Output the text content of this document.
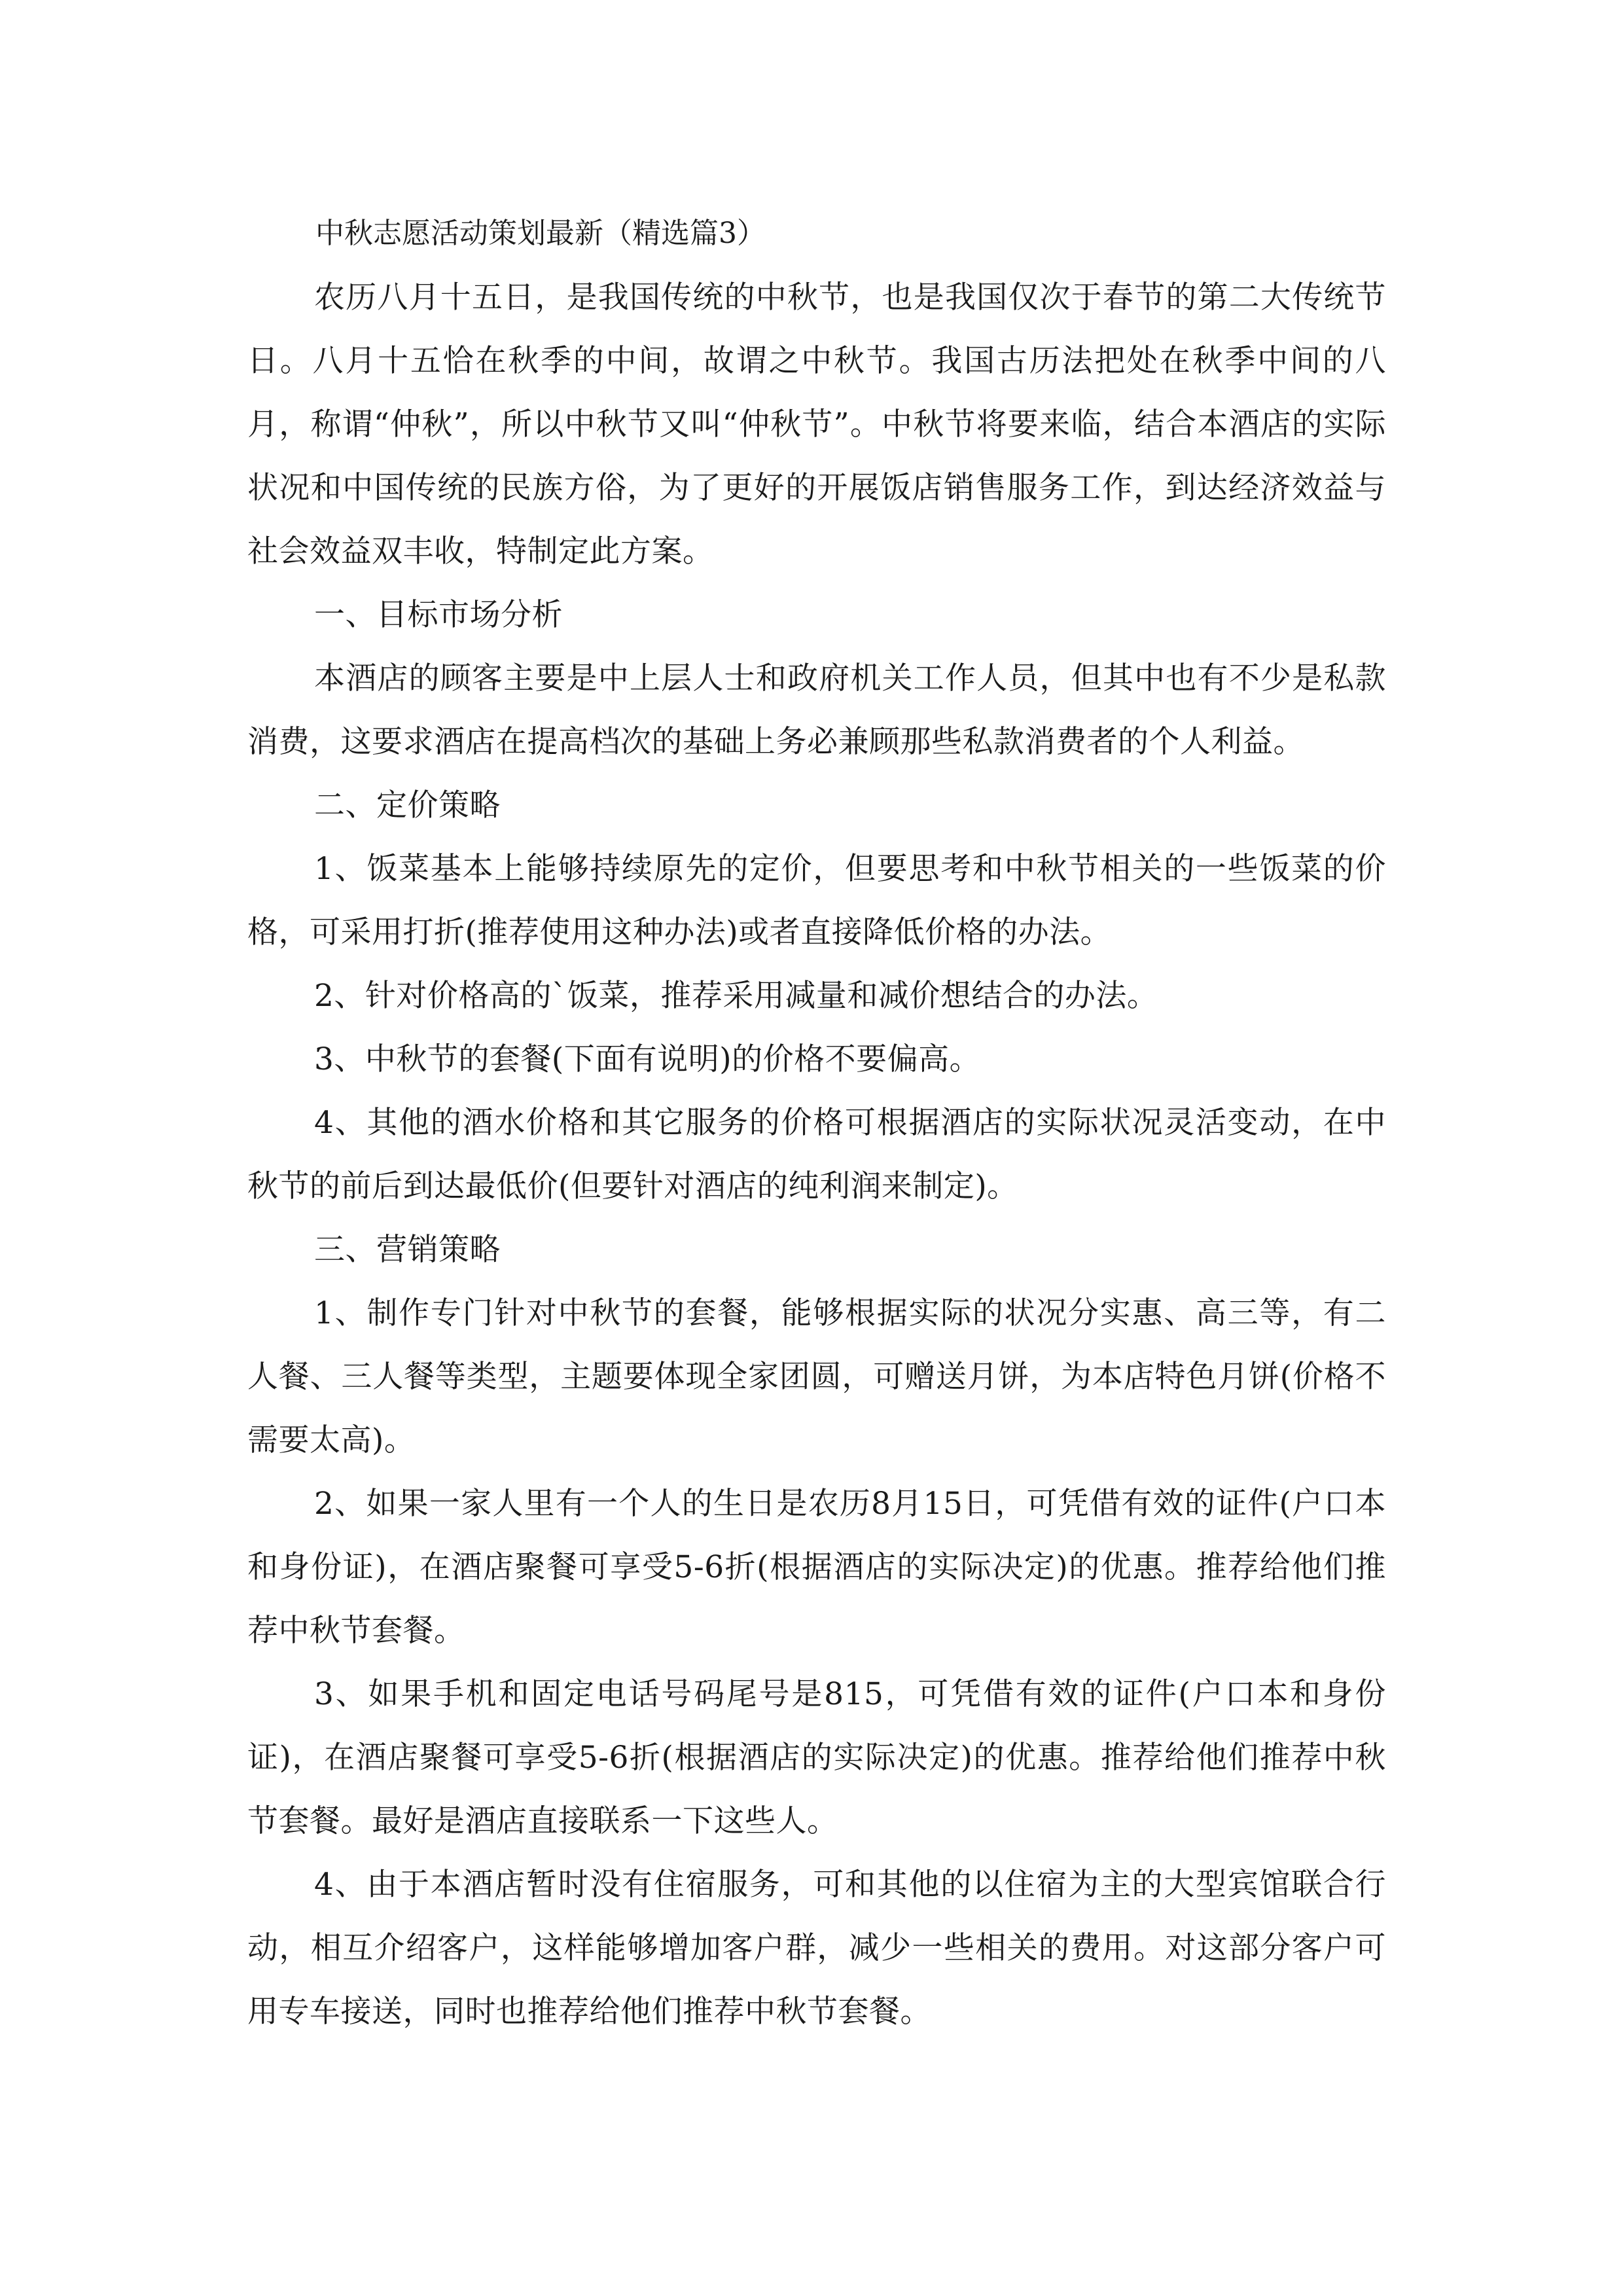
中秋志愿活动策划最新（精选篇3）

农历八月十五日，是我国传统的中秋节，也是我国仅次于春节的第二大传统节日。八月十五恰在秋季的中间，故谓之中秋节。我国古历法把处在秋季中间的八月，称谓“仲秋”，所以中秋节又叫“仲秋节”。中秋节将要来临，结合本酒店的实际状况和中国传统的民族方俗，为了更好的开展饭店销售服务工作，到达经济效益与社会效益双丰收，特制定此方案。

一、目标市场分析

本酒店的顾客主要是中上层人士和政府机关工作人员，但其中也有不少是私款消费，这要求酒店在提高档次的基础上务必兼顾那些私款消费者的个人利益。

二、定价策略

1、饭菜基本上能够持续原先的定价，但要思考和中秋节相关的一些饭菜的价格，可采用打折(推荐使用这种办法)或者直接降低价格的办法。

2、针对价格高的`饭菜，推荐采用减量和减价想结合的办法。

3、中秋节的套餐(下面有说明)的价格不要偏高。

4、其他的酒水价格和其它服务的价格可根据酒店的实际状况灵活变动，在中秋节的前后到达最低价(但要针对酒店的纯利润来制定)。

三、营销策略

1、制作专门针对中秋节的套餐，能够根据实际的状况分实惠、高三等，有二人餐、三人餐等类型，主题要体现全家团圆，可赠送月饼，为本店特色月饼(价格不需要太高)。

2、如果一家人里有一个人的生日是农历8月15日，可凭借有效的证件(户口本和身份证)，在酒店聚餐可享受5-6折(根据酒店的实际决定)的优惠。推荐给他们推荐中秋节套餐。

3、如果手机和固定电话号码尾号是815，可凭借有效的证件(户口本和身份证)，在酒店聚餐可享受5-6折(根据酒店的实际决定)的优惠。推荐给他们推荐中秋节套餐。最好是酒店直接联系一下这些人。

4、由于本酒店暂时没有住宿服务，可和其他的以住宿为主的大型宾馆联合行动，相互介绍客户，这样能够增加客户群，减少一些相关的费用。对这部分客户可用专车接送，同时也推荐给他们推荐中秋节套餐。
